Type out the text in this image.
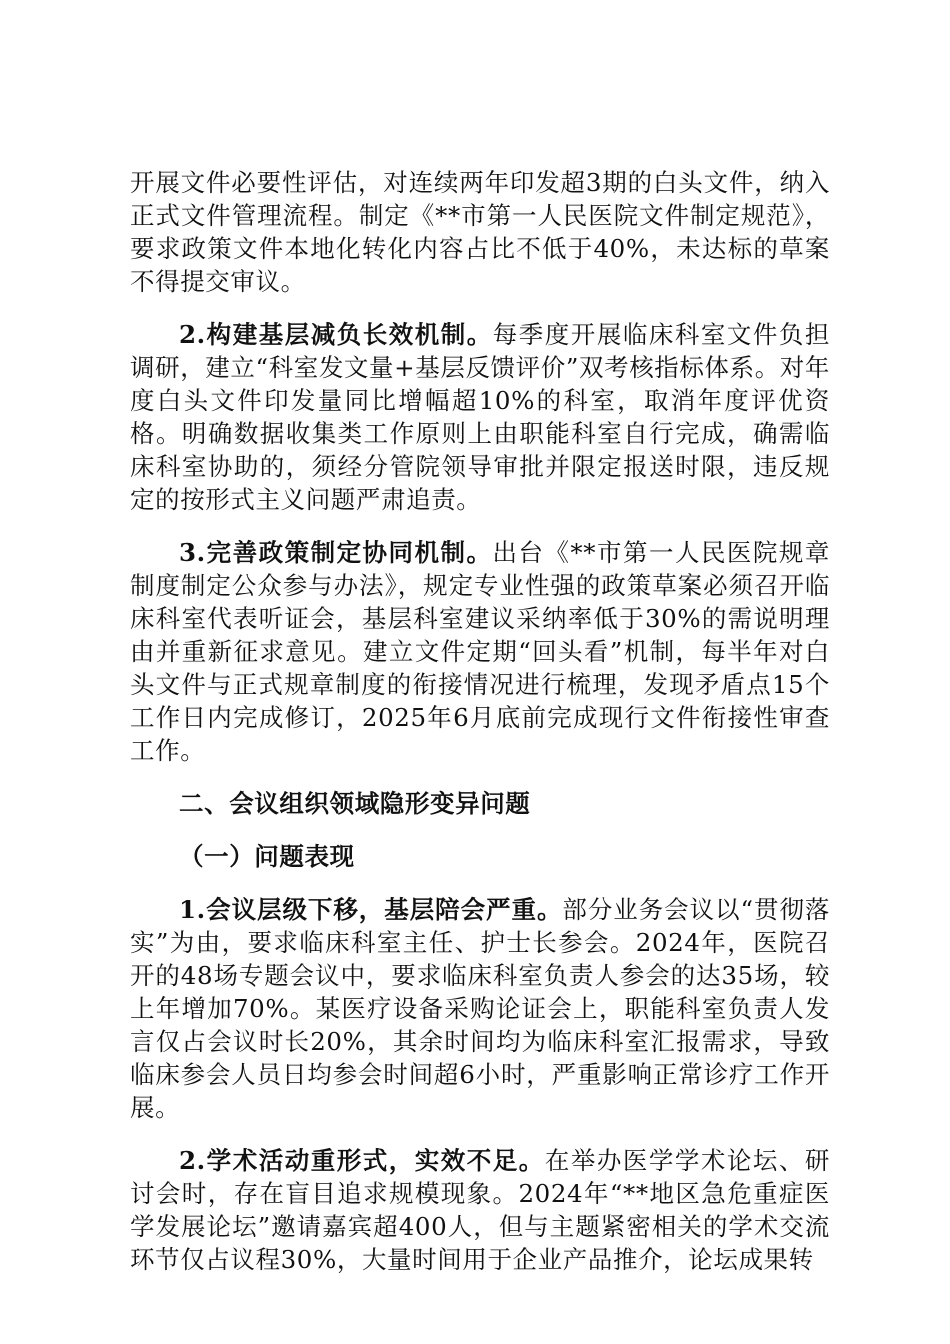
开展文件必要性评估，对连续两年印发超3期的白头文件，纳入正式文件管理流程。制定《**市第一人民医院文件制定规范》，要求政策文件本地化转化内容占比不低于40%，未达标的草案不得提交审议。

2.构建基层减负长效机制。每季度开展临床科室文件负担调研，建立“科室发文量+基层反馈评价”双考核指标体系。对年度白头文件印发量同比增幅超10%的科室，取消年度评优资格。明确数据收集类工作原则上由职能科室自行完成，确需临床科室协助的，须经分管院领导审批并限定报送时限，违反规定的按形式主义问题严肃追责。

3.完善政策制定协同机制。出台《**市第一人民医院规章制度制定公众参与办法》，规定专业性强的政策草案必须召开临床科室代表听证会，基层科室建议采纳率低于30%的需说明理由并重新征求意见。建立文件定期“回头看”机制，每半年对白头文件与正式规章制度的衔接情况进行梳理，发现矛盾点15个工作日内完成修订，2025年6月底前完成现行文件衔接性审查工作。

二、会议组织领域隐形变异问题

（一）问题表现

1.会议层级下移，基层陪会严重。部分业务会议以“贯彻落实”为由，要求临床科室主任、护士长参会。2024年，医院召开的48场专题会议中，要求临床科室负责人参会的达35场，较上年增加70%。某医疗设备采购论证会上，职能科室负责人发言仅占会议时长20%，其余时间均为临床科室汇报需求，导致临床参会人员日均参会时间超6小时，严重影响正常诊疗工作开展。

2.学术活动重形式，实效不足。在举办医学学术论坛、研讨会时，存在盲目追求规模现象。2024年“**地区急危重症医学发展论坛”邀请嘉宾超400人，但与主题紧密相关的学术交流环节仅占议程30%，大量时间用于企业产品推介，论坛成果转
